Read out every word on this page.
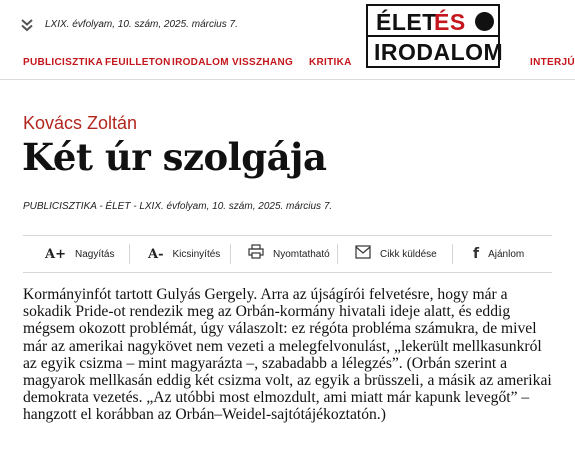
LXIX. évfolyam, 10. szám, 2025. március 7.	ÉLET
ÉS
IRODALOM
PUBLICISZTIKA FEUILLETON IRODALOM VISSZHANG KRITIKA	INTERJÚ
Kovács Zoltán
Két úr szolgája
PUBLICISZTIKA - ÉLET - LXIX. évfolyam, 10. szám, 2025. március 7.
A+ Nagyítás	A- Kicsinyítés	Nyomtatható	Cikk küldése	f Ajánlom

Kormányinfót tartott Gulyás Gergely. Arra az újságírói felvetésre, hogy már a sokadik Pride-ot rendezik meg az Orbán-kormány hivatali ideje alatt, és eddig mégsem okozott problémát, úgy válaszolt: ez régóta probléma számukra, de mivel már az amerikai nagykövet nem vezeti a melegfelvonulást, „lekerült mellkasunkról az egyik csizma – mint magyarázta –, szabadabb a lélegzés”. (Orbán szerint a magyarok mellkasán eddig két csizma volt, az egyik a brüsszeli, a másik az amerikai demokrata vezetés. „Az utóbbi most elmozdult, ami miatt már kapunk levegőt” – hangzott el korábban az Orbán–Weidel-sajtótájékoztatón.)
